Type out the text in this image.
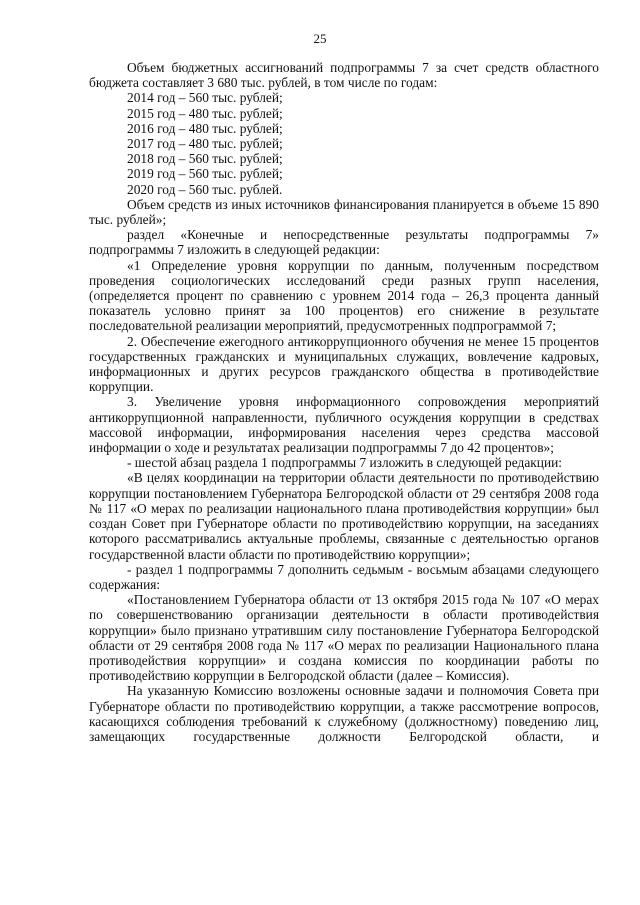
25

Объем бюджетных ассигнований подпрограммы 7 за счет средств областного бюджета составляет 3 680 тыс. рублей, в том числе по годам:

2014 год – 560 тыс. рублей;
2015 год – 480 тыс. рублей;
2016 год – 480 тыс. рублей;
2017 год – 480 тыс. рублей;
2018 год – 560 тыс. рублей;
2019 год – 560 тыс. рублей;
2020 год – 560 тыс. рублей.

Объем средств из иных источников финансирования планируется в объеме 15 890 тыс. рублей»;

раздел «Конечные и непосредственные результаты подпрограммы 7» подпрограммы 7 изложить в следующей редакции:

«1 Определение уровня коррупции по данным, полученным посредством проведения социологических исследований среди разных групп населения, (определяется процент по сравнению с уровнем 2014 года – 26,3 процента данный показатель условно принят за 100 процентов) его снижение в результате последовательной реализации мероприятий, предусмотренных подпрограммой 7;

2. Обеспечение ежегодного антикоррупционного обучения не менее 15 процентов государственных гражданских и муниципальных служащих, вовлечение кадровых, информационных и других ресурсов гражданского общества в противодействие коррупции.

3. Увеличение уровня информационного сопровождения мероприятий антикоррупционной направленности, публичного осуждения коррупции в средствах массовой информации, информирования населения через средства массовой информации о ходе и результатах реализации подпрограммы 7 до 42 процентов»;

- шестой абзац раздела 1 подпрограммы 7 изложить в следующей редакции:

«В целях координации на территории области деятельности по противодействию коррупции постановлением Губернатора Белгородской области от 29 сентября 2008 года № 117 «О мерах по реализации национального плана противодействия коррупции» был создан Совет при Губернаторе области по противодействию коррупции, на заседаниях которого рассматривались актуальные проблемы, связанные с деятельностью органов государственной власти области по противодействию коррупции»;

- раздел 1 подпрограммы 7 дополнить седьмым - восьмым абзацами следующего содержания:

«Постановлением Губернатора области от 13 октября 2015 года № 107 «О мерах по совершенствованию организации деятельности в области противодействия коррупции» было признано утратившим силу постановление Губернатора Белгородской области от 29 сентября 2008 года № 117 «О мерах по реализации Национального плана противодействия коррупции» и создана комиссия по координации работы по противодействию коррупции в Белгородской области (далее – Комиссия).

На указанную Комиссию возложены основные задачи и полномочия Совета при Губернаторе области по противодействию коррупции, а также рассмотрение вопросов, касающихся соблюдения требований к служебному (должностному) поведению лиц, замещающих государственные должности Белгородской области, и
